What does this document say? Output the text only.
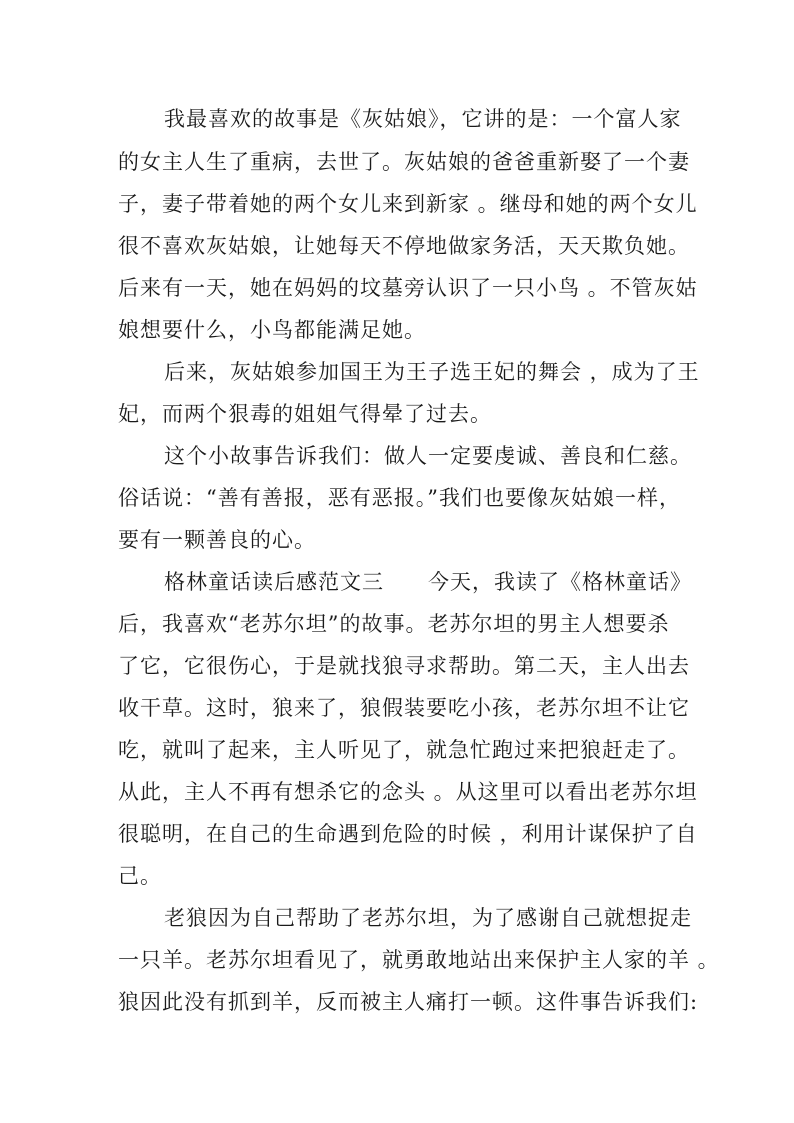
我最喜欢的故事是《灰姑娘》，它讲的是：一个富人家
的女主人生了重病，去世了。灰姑娘的爸爸重新娶了一个妻
子，妻子带着她的两个女儿来到新家 。继母和她的两个女儿
很不喜欢灰姑娘，让她每天不停地做家务活，天天欺负她。
后来有一天，她在妈妈的坟墓旁认识了一只小鸟 。不管灰姑
娘想要什么，小鸟都能满足她。
后来，灰姑娘参加国王为王子选王妃的舞会 ，成为了王
妃，而两个狠毒的姐姐气得晕了过去。
这个小故事告诉我们：做人一定要虔诚、善良和仁慈。
俗话说：“善有善报，恶有恶报。”我们也要像灰姑娘一样，
要有一颗善良的心。
格林童话读后感范文三　　今天，我读了《格林童话》
后，我喜欢“老苏尔坦”的故事。老苏尔坦的男主人想要杀
了它，它很伤心，于是就找狼寻求帮助。第二天，主人出去
收干草。这时，狼来了，狼假装要吃小孩，老苏尔坦不让它
吃，就叫了起来，主人听见了，就急忙跑过来把狼赶走了。
从此，主人不再有想杀它的念头 。从这里可以看出老苏尔坦
很聪明，在自己的生命遇到危险的时候 ，利用计谋保护了自
己。
老狼因为自己帮助了老苏尔坦，为了感谢自己就想捉走
一只羊。老苏尔坦看见了，就勇敢地站出来保护主人家的羊 。
狼因此没有抓到羊，反而被主人痛打一顿。这件事告诉我们:
